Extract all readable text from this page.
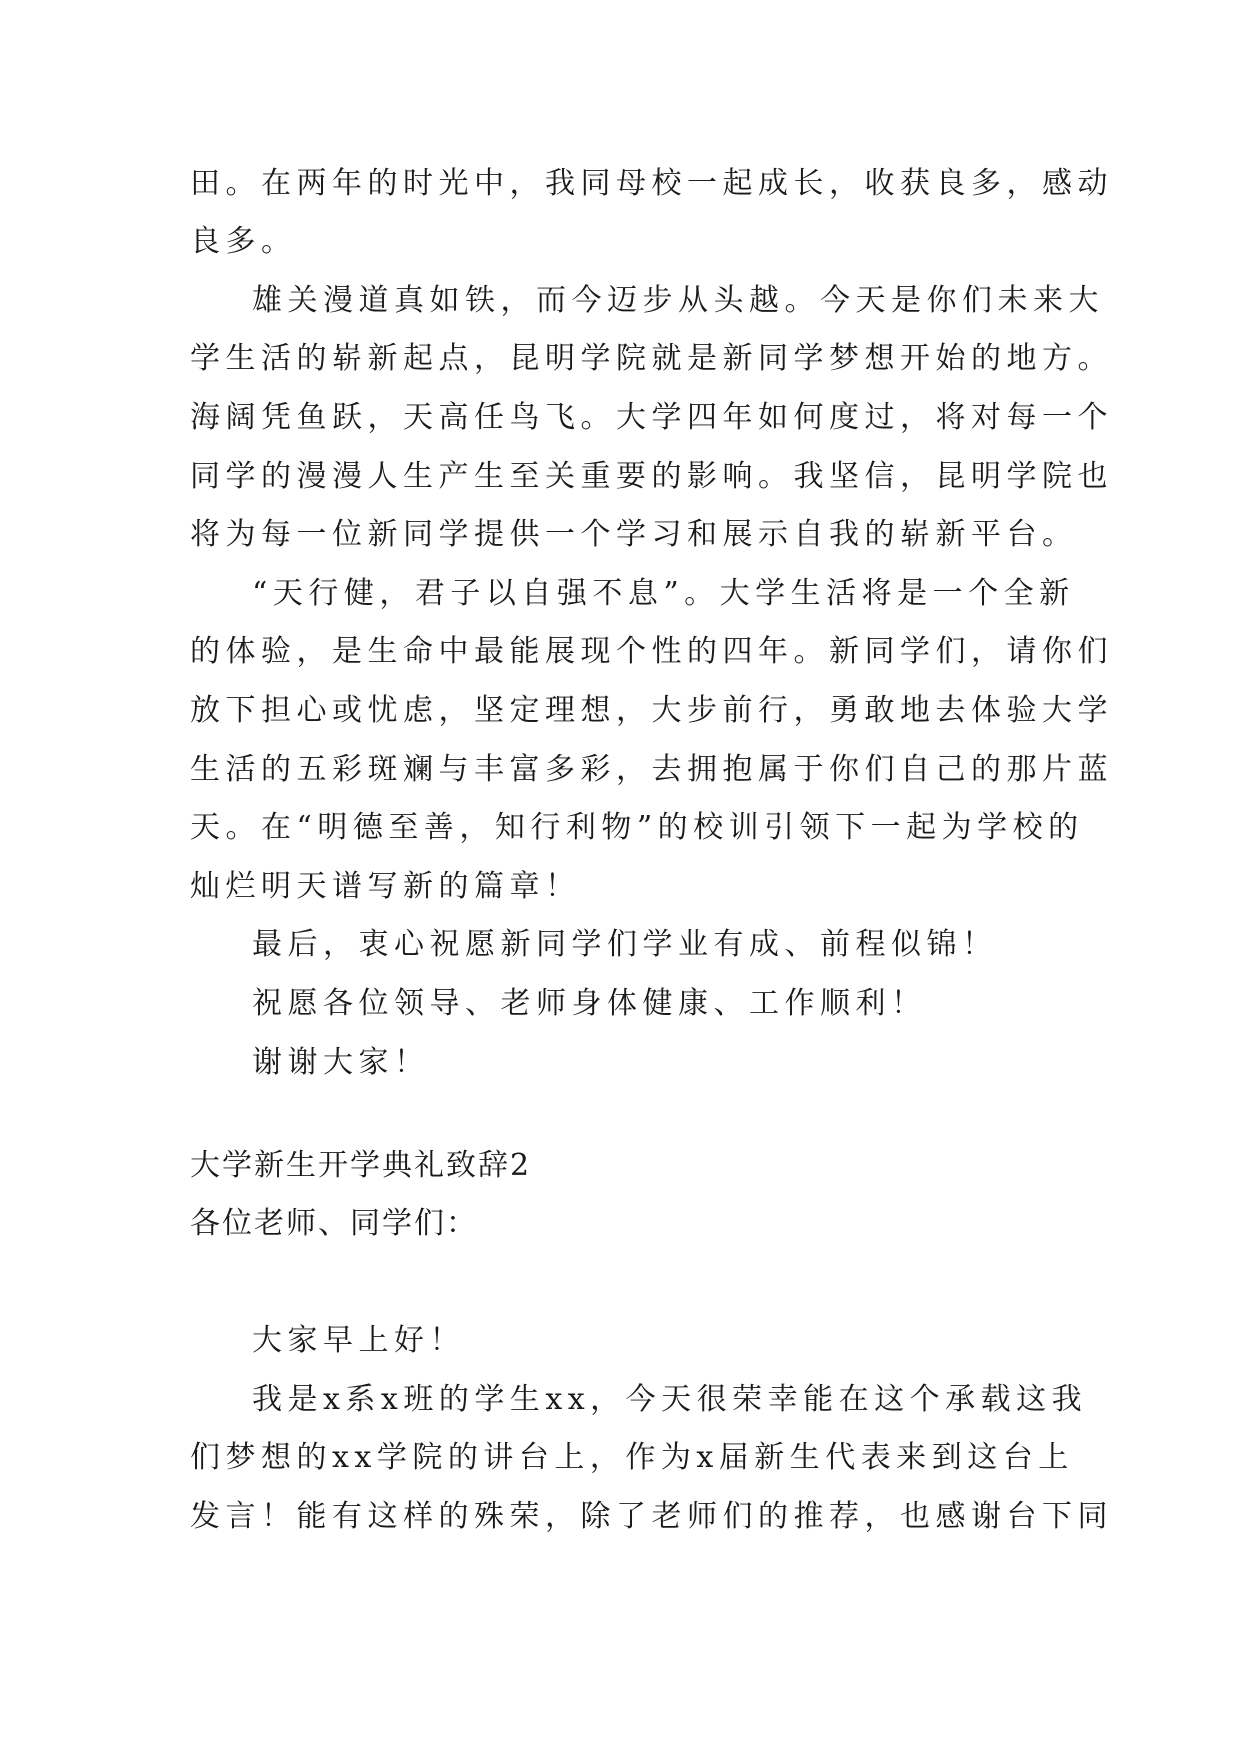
田。在两年的时光中，我同母校一起成长，收获良多，感动
良多。
雄关漫道真如铁，而今迈步从头越。今天是你们未来大
学生活的崭新起点，昆明学院就是新同学梦想开始的地方。
海阔凭鱼跃，天高任鸟飞。大学四年如何度过，将对每一个
同学的漫漫人生产生至关重要的影响。我坚信，昆明学院也
将为每一位新同学提供一个学习和展示自我的崭新平台。
“天行健，君子以自强不息”。大学生活将是一个全新
的体验，是生命中最能展现个性的四年。新同学们，请你们
放下担心或忧虑，坚定理想，大步前行，勇敢地去体验大学
生活的五彩斑斓与丰富多彩，去拥抱属于你们自己的那片蓝
天。在“明德至善，知行利物”的校训引领下一起为学校的
灿烂明天谱写新的篇章！
最后，衷心祝愿新同学们学业有成、前程似锦！
祝愿各位领导、老师身体健康、工作顺利！
谢谢大家！
大学新生开学典礼致辞2
各位老师、同学们：
大家早上好！
我是x系x班的学生xx，今天很荣幸能在这个承载这我
们梦想的xx学院的讲台上，作为x届新生代表来到这台上
发言！能有这样的殊荣，除了老师们的推荐，也感谢台下同
